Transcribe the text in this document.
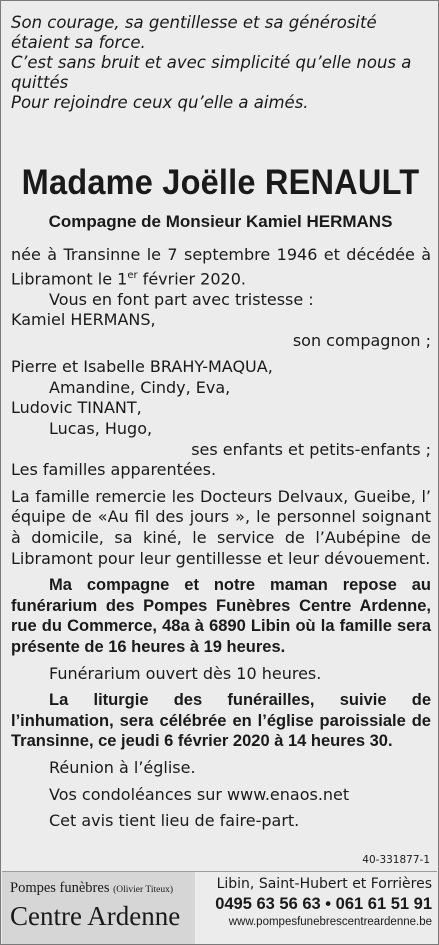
Son courage, sa gentillesse et sa générosité
étaient sa force.
C’est sans bruit et avec simplicité qu’elle nous a
quittés
Pour rejoindre ceux qu’elle a aimés.
Madame Joëlle RENAULT
Compagne de Monsieur Kamiel HERMANS

née à Transinne le 7 septembre 1946 et décédée à Libramont le 1er février 2020.

Vous en font part avec tristesse :

Kamiel HERMANS,

son compagnon ;

Pierre et Isabelle BRAHY-MAQUA,

Amandine, Cindy, Eva,

Ludovic TINANT,

Lucas, Hugo,

ses enfants et petits-enfants ;

Les familles apparentées.

La famille remercie les Docteurs Delvaux, Gueibe, l’ équipe de «Au fil des jours », le personnel soignant à domicile, sa kiné, le service de l’Aubépine de Libramont pour leur gentillesse et leur dévouement.

Ma compagne et notre maman repose au funérarium des Pompes Funèbres Centre Ardenne, rue du Commerce, 48a à 6890 Libin où la famille sera présente de 16 heures à 19 heures.

Funérarium ouvert dès 10 heures.

La liturgie des funérailles, suivie de l’inhumation, sera célébrée en l’église paroissiale de Transinne, ce jeudi 6 février 2020 à 14 heures 30.

Réunion à l’église.

Vos condoléances sur www.enaos.net

Cet avis tient lieu de faire-part.

40-331877-1
Pompes funèbres (Olivier Titeux)
Centre Ardenne
Libin, Saint-Hubert et Forrières
0495 63 56 63 • 061 61 51 91
www.pompesfunebrescentreardenne.be
